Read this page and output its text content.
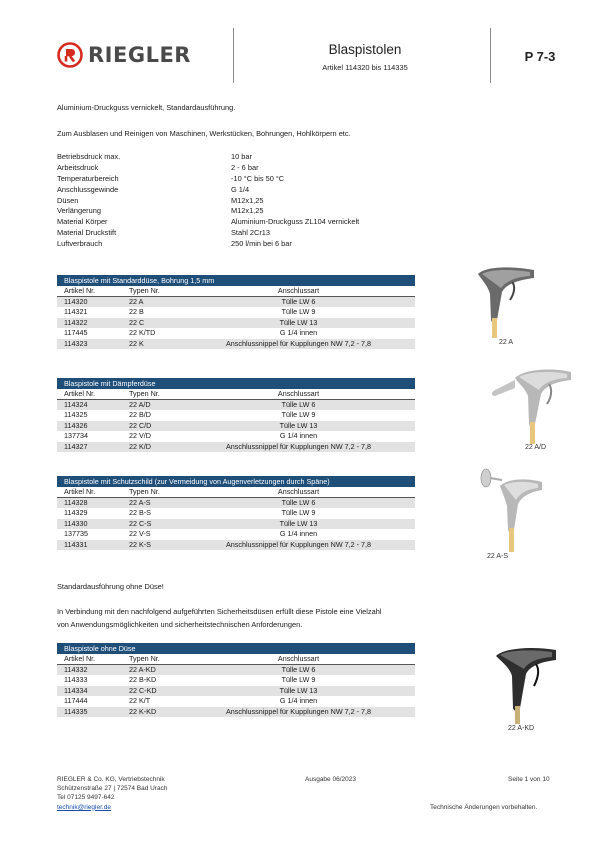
RIEGLER	Blaspistolen
Artikel 114320 bis 114335
P 7-3
Aluminium-Druckguss vernickelt, Standardausführung.
Zum Ausblasen und Reinigen von Maschinen, Werkstücken, Bohrungen, Hohlkörpern etc.
Betriebsdruck max.	10 bar
Arbeitsdruck	2 - 6 bar
Temperaturbereich	-10 °C bis 50 °C
Anschlussgewinde	G 1/4
Düsen	M12x1,25
Verlängerung	M12x1,25
Material Körper	Aluminium-Druckguss ZL104 vernickelt
Material Druckstift	Stahl 2Cr13
Luftverbrauch	250 l/min bei 6 bar
Blaspistole mit Standarddüse, Bohrung 1,5 mm
Artikel Nr.	Typen Nr.	Anschlussart
114320	22 A	Tülle LW 6
114321	22 B	Tülle LW 9
114322	22 C	Tülle LW 13
117445	22 K/TD	G 1/4 innen
114323	22 K	Anschlussnippel für Kupplungen NW 7,2 - 7,8
Blaspistole mit Dämpferdüse
Artikel Nr.	Typen Nr.	Anschlussart
114324	22 A/D	Tülle LW 6
114325	22 B/D	Tülle LW 9
114326	22 C/D	Tülle LW 13
137734	22 V/D	G 1/4 innen
114327	22 K/D	Anschlussnippel für Kupplungen NW 7,2 - 7,8
Blaspistole mit Schutzschild (zur Vermeidung von Augenverletzungen durch Späne)
Artikel Nr.	Typen Nr.	Anschlussart
114328	22 A-S	Tülle LW 6
114329	22 B-S	Tülle LW 9
114330	22 C-S	Tülle LW 13
137735	22 V-S	G 1/4 innen
114331	22 K-S	Anschlussnippel für Kupplungen NW 7,2 - 7,8
Blaspistole ohne Düse
Artikel Nr.	Typen Nr.	Anschlussart
114332	22 A-KD	Tülle LW 6
114333	22 B-KD	Tülle LW 9
114334	22 C-KD	Tülle LW 13
117444	22 K/T	G 1/4 innen
114335	22 K-KD	Anschlussnippel für Kupplungen NW 7,2 - 7,8
Standardausführung ohne Düse!
In Verbindung mit den nachfolgend aufgeführten Sicherheitsdüsen erfüllt diese Pistole eine Vielzahl
von Anwendungsmöglichkeiten und sicherheitstechnischen Anforderungen.
22 A
22 A/D
22 A-S
22 A-KD
RIEGLER & Co. KG, Vertriebstechnik
Schützenstraße 27 | 72574 Bad Urach
Tel 07125 9497-642
technik@riegler.de
Ausgabe 06/2023	Seite 1 von 10
Technische Änderungen vorbehalten.
